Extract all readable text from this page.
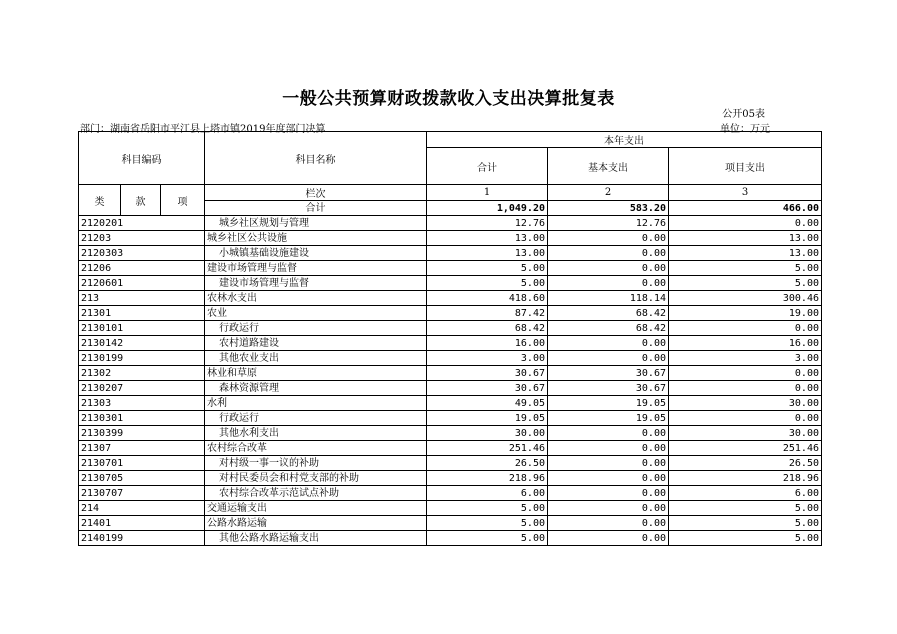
一般公共预算财政拨款收入支出决算批复表
公开05表
部门：湖南省岳阳市平江县上塔市镇2019年度部门决算	单位：万元
科目编码			科目名称	本年支出		
				合计	基本支出	项目支出
类	款	项	栏次	1	2	3
			合计	1,049.20	583.20	466.00
2120201			城乡社区规划与管理	12.76	12.76	0.00
21203			城乡社区公共设施	13.00	0.00	13.00
2120303			小城镇基础设施建设	13.00	0.00	13.00
21206			建设市场管理与监督	5.00	0.00	5.00
2120601			建设市场管理与监督	5.00	0.00	5.00
213			农林水支出	418.60	118.14	300.46
21301			农业	87.42	68.42	19.00
2130101			行政运行	68.42	68.42	0.00
2130142			农村道路建设	16.00	0.00	16.00
2130199			其他农业支出	3.00	0.00	3.00
21302			林业和草原	30.67	30.67	0.00
2130207			森林资源管理	30.67	30.67	0.00
21303			水利	49.05	19.05	30.00
2130301			行政运行	19.05	19.05	0.00
2130399			其他水利支出	30.00	0.00	30.00
21307			农村综合改革	251.46	0.00	251.46
2130701			对村级一事一议的补助	26.50	0.00	26.50
2130705			对村民委员会和村党支部的补助	218.96	0.00	218.96
2130707			农村综合改革示范试点补助	6.00	0.00	6.00
214			交通运输支出	5.00	0.00	5.00
21401			公路水路运输	5.00	0.00	5.00
2140199			其他公路水路运输支出	5.00	0.00	5.00
